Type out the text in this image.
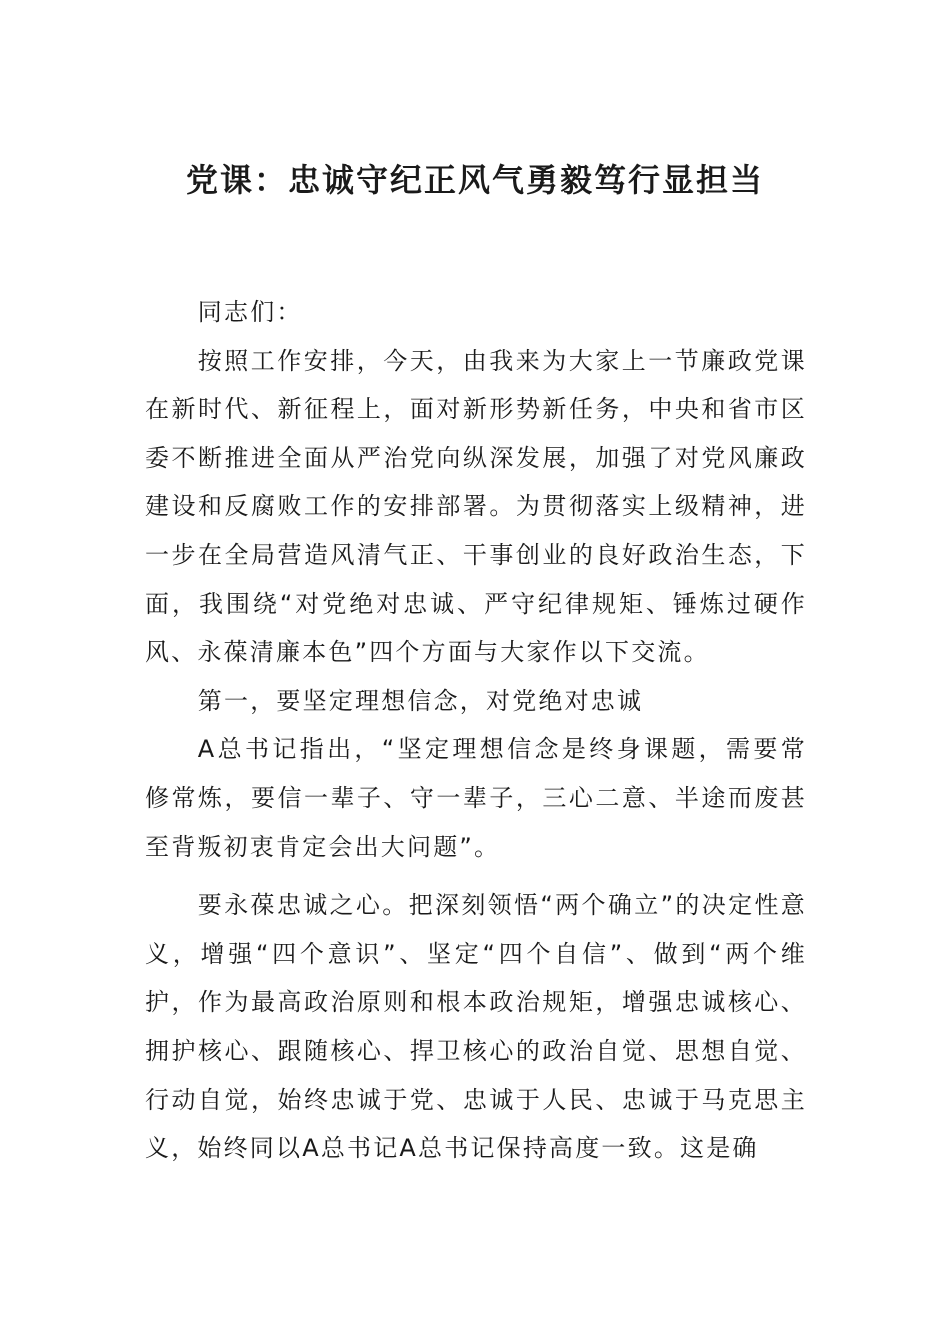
党课：忠诚守纪正风气勇毅笃行显担当

同志们：

按照工作安排，今天，由我来为大家上一节廉政党课在新时代、新征程上，面对新形势新任务，中央和省市区委不断推进全面从严治党向纵深发展，加强了对党风廉政建设和反腐败工作的安排部署。为贯彻落实上级精神，进一步在全局营造风清气正、干事创业的良好政治生态，下面，我围绕“对党绝对忠诚、严守纪律规矩、锤炼过硬作风、永葆清廉本色”四个方面与大家作以下交流。

第一，要坚定理想信念，对党绝对忠诚

A总书记指出，“坚定理想信念是终身课题，需要常修常炼，要信一辈子、守一辈子，三心二意、半途而废甚至背叛初衷肯定会出大问题”。

要永葆忠诚之心。把深刻领悟“两个确立”的决定性意义，增强“四个意识”、坚定“四个自信”、做到“两个维护，作为最高政治原则和根本政治规矩，增强忠诚核心、拥护核心、跟随核心、捍卫核心的政治自觉、思想自觉、行动自觉，始终忠诚于党、忠诚于人民、忠诚于马克思主义，始终同以A总书记A总书记保持高度一致。这是确
